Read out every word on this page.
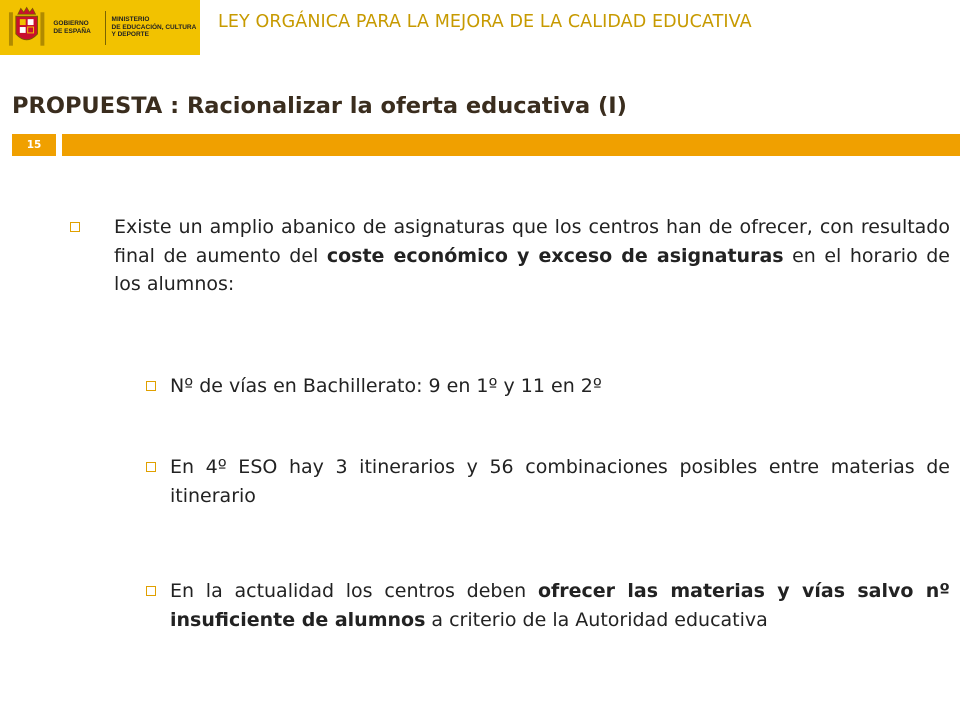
GOBIERNO
DE ESPAÑA
MINISTERIO
DE EDUCACIÓN, CULTURA
Y DEPORTE
LEY ORGÁNICA PARA LA MEJORA DE LA CALIDAD EDUCATIVA
PROPUESTA : Racionalizar la oferta educativa (I)
15
Existe un amplio abanico de asignaturas que los centros han de ofrecer, con resultado final de aumento del coste económico y exceso de asignaturas en el horario de los alumnos:
Nº de vías en Bachillerato: 9 en 1º y 11 en 2º
En 4º ESO hay 3 itinerarios y 56 combinaciones posibles entre materias de itinerario
En la actualidad los centros deben ofrecer las materias y vías salvo nº insuficiente de alumnos a criterio de la Autoridad educativa
